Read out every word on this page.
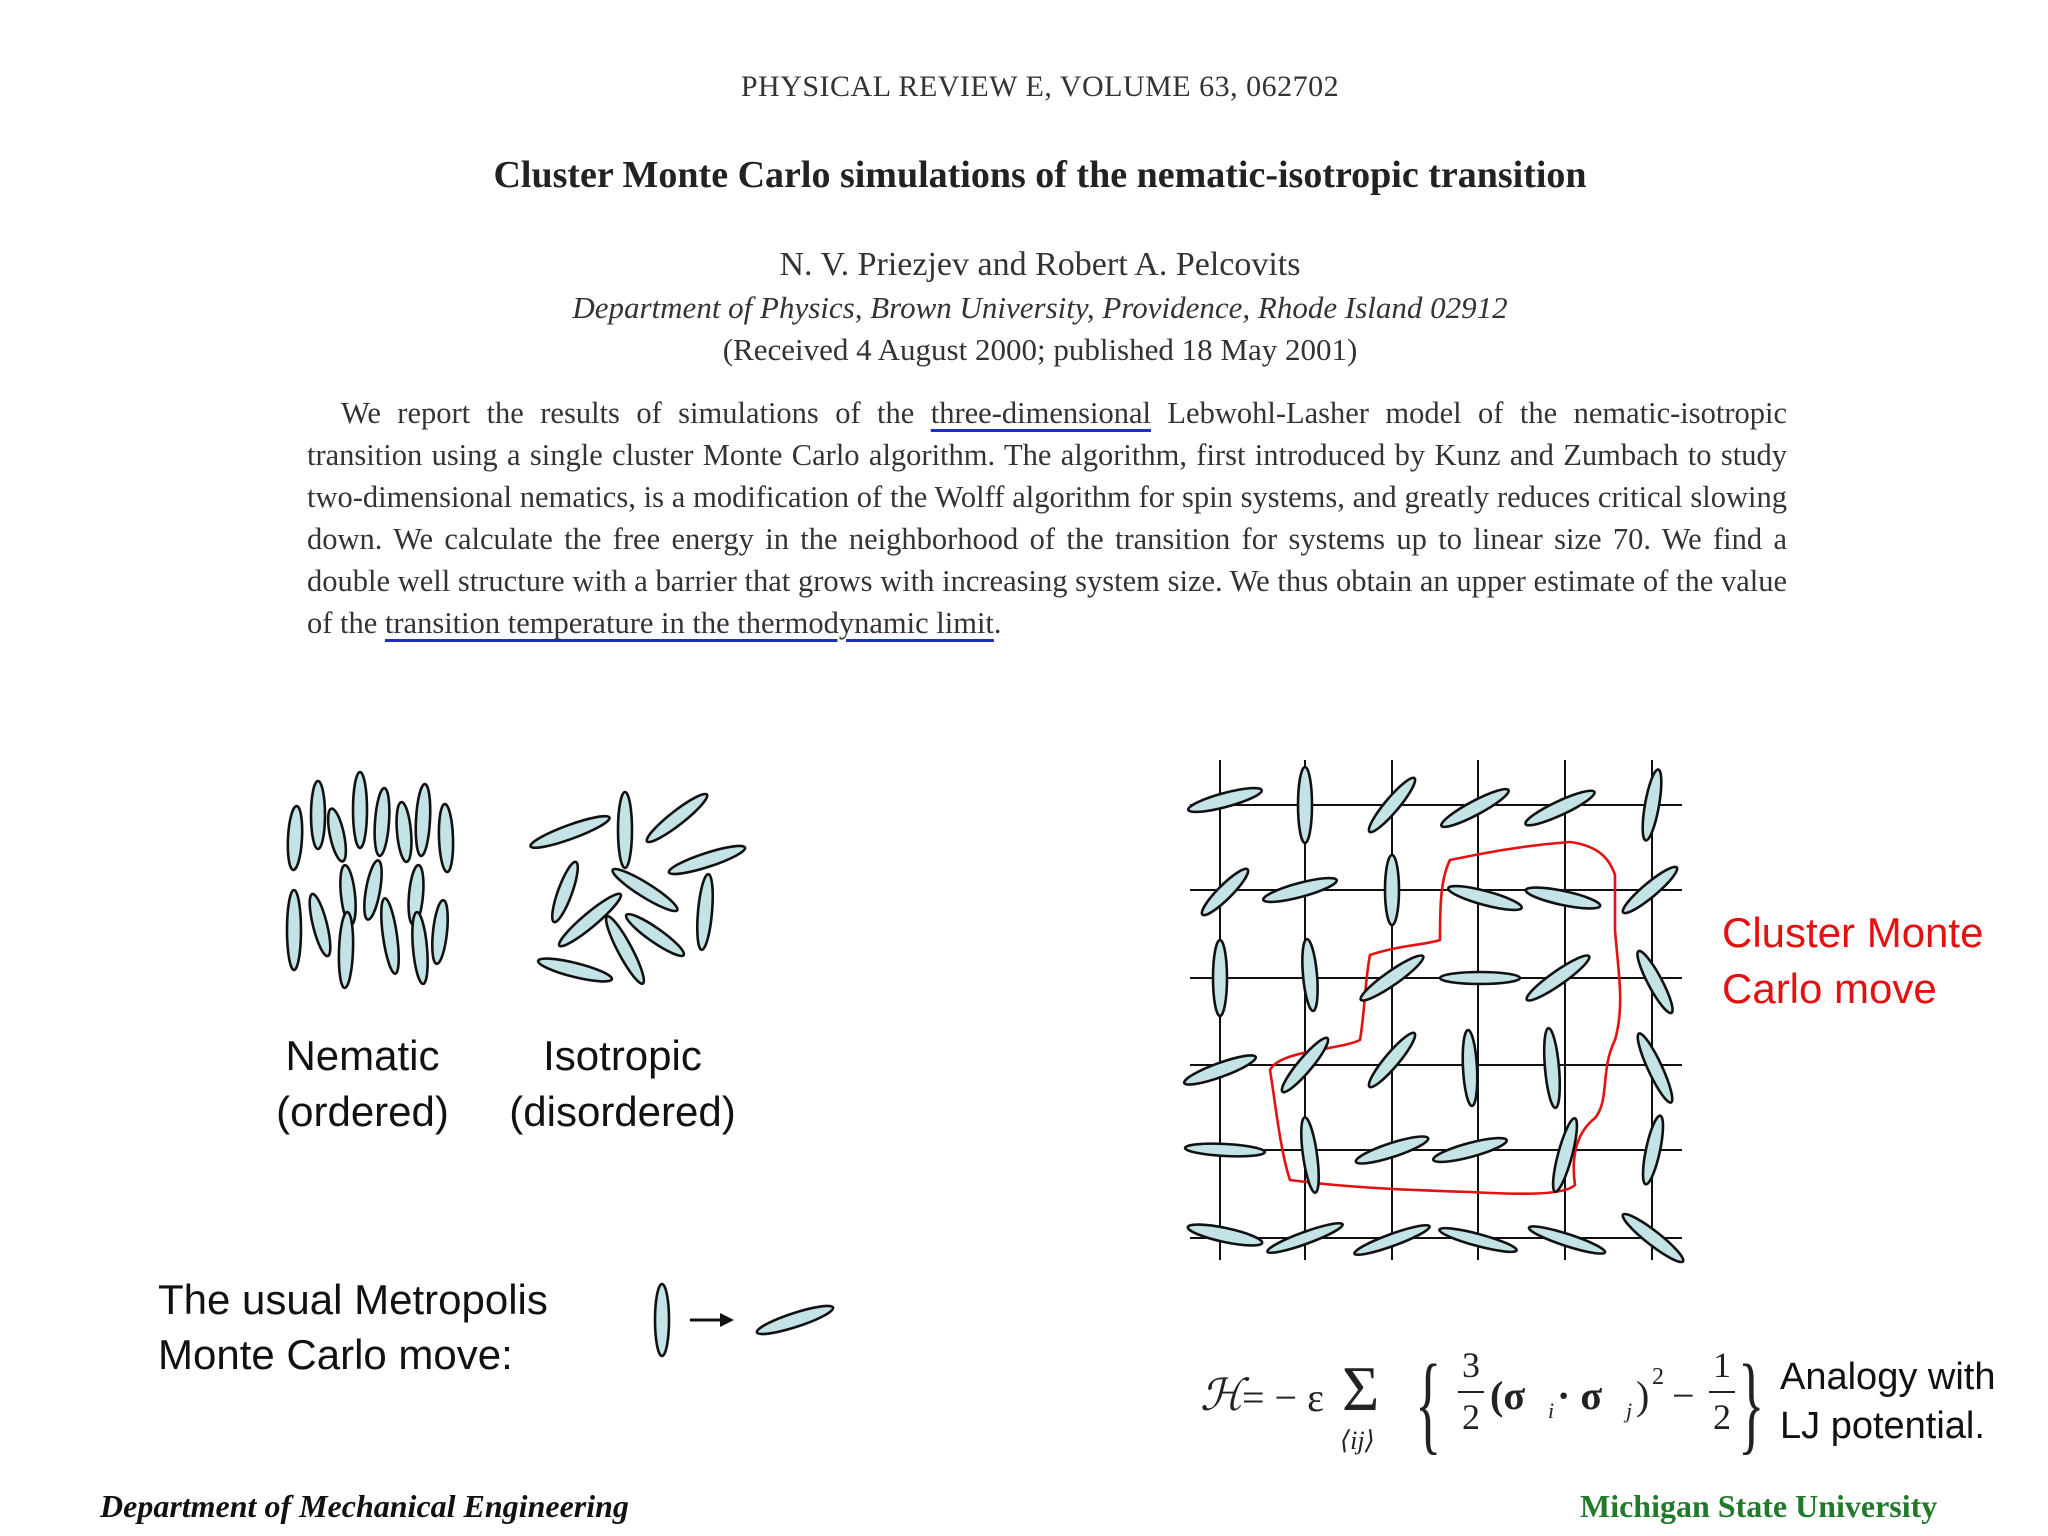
PHYSICAL REVIEW E, VOLUME 63, 062702
Cluster Monte Carlo simulations of the nematic-isotropic transition
N. V. Priezjev and Robert A. Pelcovits
Department of Physics, Brown University, Providence, Rhode Island 02912
(Received 4 August 2000; published 18 May 2001)
We report the results of simulations of the three-dimensional Lebwohl-Lasher model of the nematic-isotropic transition using a single cluster Monte Carlo algorithm. The algorithm, first introduced by Kunz and Zumbach to study two-dimensional nematics, is a modification of the Wolff algorithm for spin systems, and greatly reduces critical slowing down. We calculate the free energy in the neighborhood of the transition for systems up to linear size 70. We find a double well structure with a barrier that grows with increasing system size. We thus obtain an upper estimate of the value of the transition temperature in the thermodynamic limit.
Nematic
(ordered)
Isotropic
(disordered)
The usual Metropolis
Monte Carlo move:
Cluster Monte
Carlo move
ℋ
= − ε Σ
⟨ij⟩ { 3
2 (σ i · σ j ) 2 −
1
2 } Analogy with
LJ potential.
Department of Mechanical Engineering	Michigan State University
